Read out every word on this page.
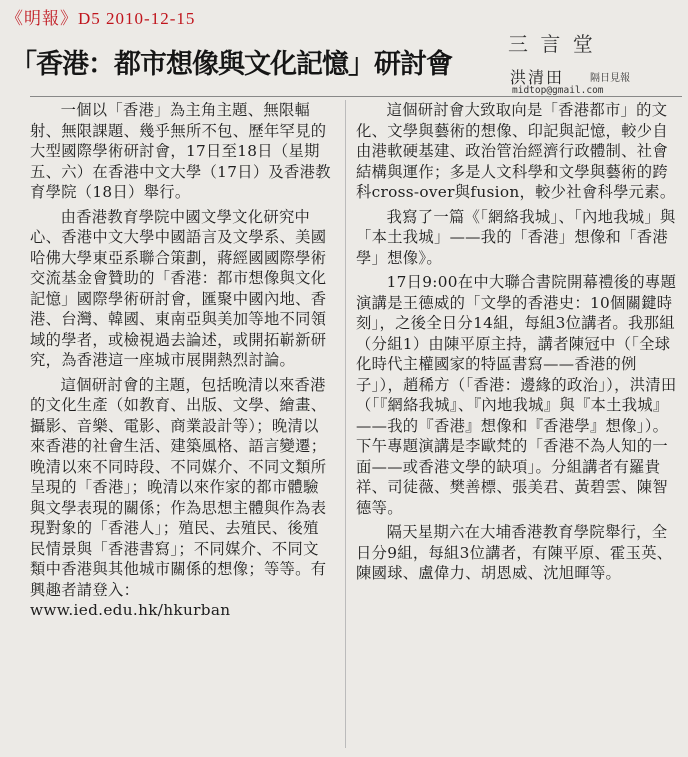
《明報》D5 2010-12-15
「香港：都市想像與文化記憶」研討會
三 言 堂
洪清田	隔日見報
midtop@gmail.com

一個以「香港」為主角主題、無限輻射、無限課題、幾乎無所不包、歷年罕見的大型國際學術研討會，17日至18日（星期五、六）在香港中文大學（17日）及香港教育學院（18日）舉行。

由香港教育學院中國文學文化研究中心、香港中文大學中國語言及文學系、美國哈佛大學東亞系聯合策劃，蔣經國國際學術交流基金會贊助的「香港：都市想像與文化記憶」國際學術研討會，匯聚中國內地、香港、台灣、韓國、東南亞與美加等地不同領域的學者，或檢視過去論述，或開拓嶄新研究，為香港這一座城市展開熱烈討論。

這個研討會的主題，包括晚清以來香港的文化生產（如教育、出版、文學、繪畫、攝影、音樂、電影、商業設計等）；晚清以來香港的社會生活、建築風格、語言變遷；晚清以來不同時段、不同媒介、不同文類所呈現的「香港」；晚清以來作家的都市體驗與文學表現的關係；作為思想主體與作為表現對象的「香港人」；殖民、去殖民、後殖民情景與「香港書寫」；不同媒介、不同文類中香港與其他城市關係的想像；等等。有興趣者請登入：www.ied.edu.hk/hkurban

這個研討會大致取向是「香港都市」的文化、文學與藝術的想像、印記與記憶，較少自由港軟硬基建、政治管治經濟行政體制、社會結構與運作；多是人文科學和文學與藝術的跨科cross-over與fusion，較少社會科學元素。

我寫了一篇《「網絡我城」、「內地我城」與「本土我城」——我的「香港」想像和「香港學」想像》。

17日9:00在中大聯合書院開幕禮後的專題演講是王德威的「文學的香港史：10個關鍵時刻」，之後全日分14組，每組3位講者。我那組（分組1）由陳平原主持，講者陳冠中（「全球化時代主權國家的特區書寫——香港的例子」），趙稀方（「香港：邊緣的政治」），洪清田（「『網絡我城』、『內地我城』與『本土我城』——我的『香港』想像和『香港學』想像」）。下午專題演講是李歐梵的「香港不為人知的一面——或香港文學的缺項」。分組講者有羅貴祥、司徒薇、樊善標、張美君、黃碧雲、陳智德等。

隔天星期六在大埔香港教育學院舉行，全日分9組，每組3位講者，有陳平原、霍玉英、陳國球、盧偉力、胡恩威、沈旭暉等。
